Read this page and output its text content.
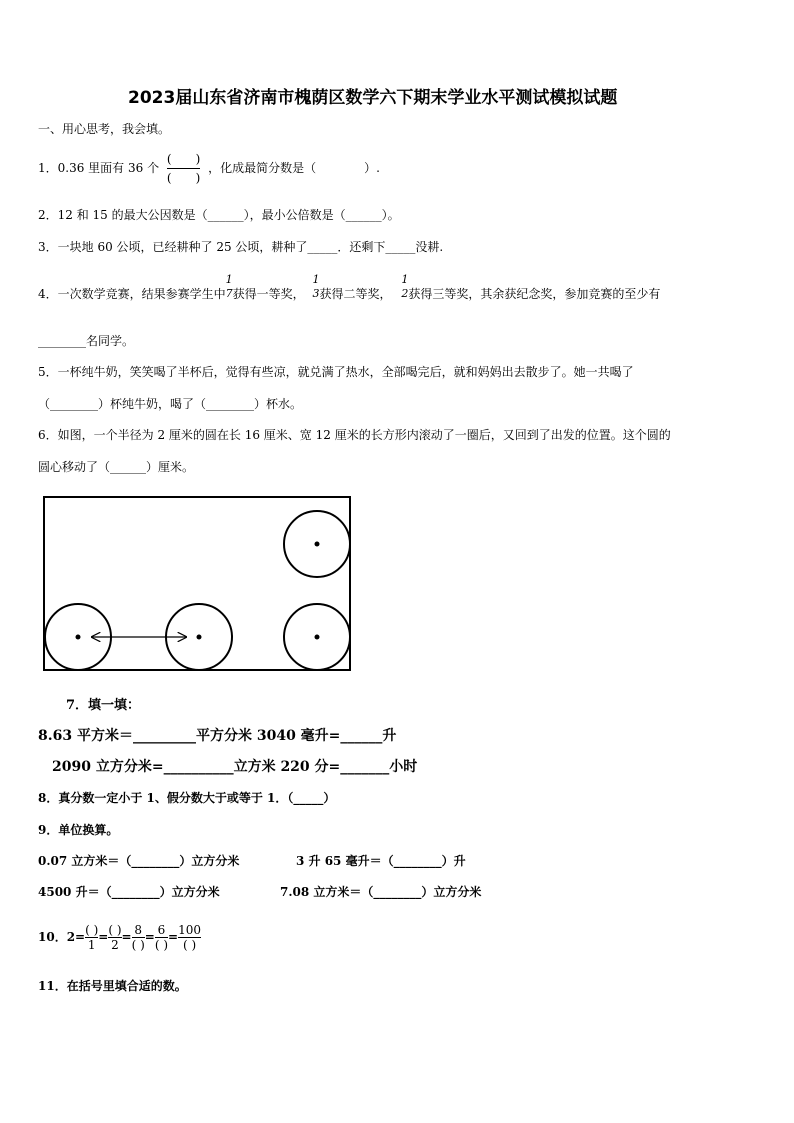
2023届山东省济南市槐荫区数学六下期末学业水平测试模拟试题
一、用心思考，我会填。
1．0.36 里面有 36 个 $\frac{( )}{( )}$ ，化成最简分数是（　　　　）.
2．12 和 15 的最大公因数是（______），最小公倍数是（______）。
3．一块地 60 公顷，已经耕种了 25 公顷，耕种了_____．还剩下_____没耕.
4．一次数学竞赛，结果参赛学生中
1
7 获得一等奖，
1
3 获得二等奖，
1
2 获得三等奖，其余获纪念奖，参加竞赛的至少有
________名同学。
5．一杯纯牛奶，笑笑喝了半杯后，觉得有些凉，就兑满了热水，全部喝完后，就和妈妈出去散步了。她一共喝了
（________）杯纯牛奶，喝了（________）杯水。
6．如图，一个半径为 2 厘米的圆在长 16 厘米、宽 12 厘米的长方形内滚动了一圈后，又回到了出发的位置。这个圆的
圆心移动了（______）厘米。
7．填一填：
8.63 平方米＝_________平方分米 3040 毫升=______升
2090 立方分米=__________立方米 220 分=_______小时
8．真分数一定小于 1、假分数大于或等于 1．（_____）
9．单位换算。
0.07 立方米＝（________）立方分米	3 升 65 毫升＝（________）升
4500 升＝（________）立方分米	7.08 立方米＝（________）立方分米
10．$2= \frac{( )}{1} = \frac{( )}{2} = \frac{8}{( )} = \frac{6}{( )} = \frac{100}{( )}$
11．在括号里填合适的数。
